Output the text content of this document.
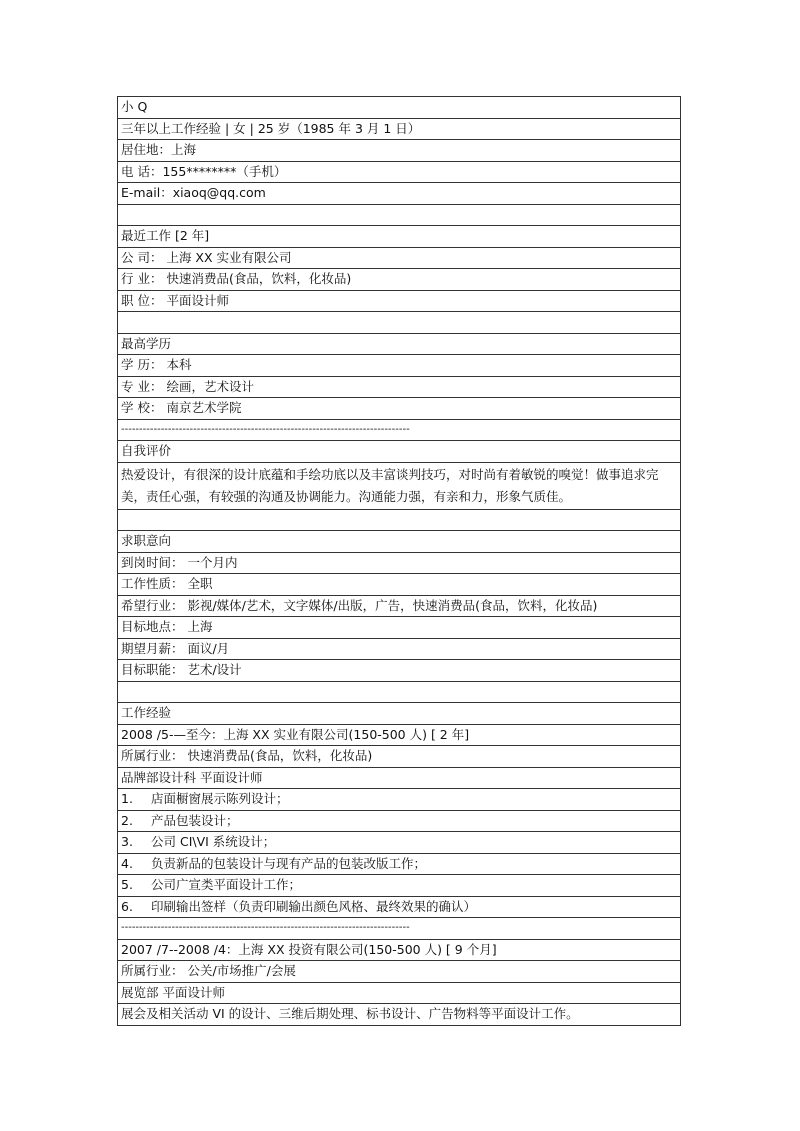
小 Q
三年以上工作经验 | 女 | 25 岁（1985 年 3 月 1 日）
居住地：上海
电 话：155********（手机）
E-mail：xiaoq@qq.com

最近工作 [2 年]
公 司： 上海 XX 实业有限公司
行 业： 快速消费品(食品，饮料，化妆品)
职 位： 平面设计师

最高学历
学 历： 本科
专 业： 绘画，艺术设计
学 校： 南京艺术学院
--------------------------------------------------------------------------------
自我评价
热爱设计，有很深的设计底蕴和手绘功底以及丰富谈判技巧，对时尚有着敏锐的嗅觉！做事追求完美，责任心强，有较强的沟通及协调能力。沟通能力强，有亲和力，形象气质佳。

求职意向
到岗时间： 一个月内
工作性质： 全职
希望行业： 影视/媒体/艺术，文字媒体/出版，广告，快速消费品(食品，饮料，化妆品)
目标地点： 上海
期望月薪： 面议/月
目标职能： 艺术/设计

工作经验
2008 /5-—至今：上海 XX 实业有限公司(150-500 人) [ 2 年]
所属行业： 快速消费品(食品，饮料，化妆品)
品牌部设计科 平面设计师
1. 店面橱窗展示陈列设计；
2. 产品包装设计；
3. 公司 CI\VI 系统设计；
4. 负责新品的包装设计与现有产品的包装改版工作；
5. 公司广宣类平面设计工作；
6. 印刷输出签样（负责印刷输出颜色风格、最终效果的确认）
--------------------------------------------------------------------------------
2007 /7--2008 /4：上海 XX 投资有限公司(150-500 人) [ 9 个月]
所属行业： 公关/市场推广/会展
展览部 平面设计师
展会及相关活动 VI 的设计、三维后期处理、标书设计、广告物料等平面设计工作。
